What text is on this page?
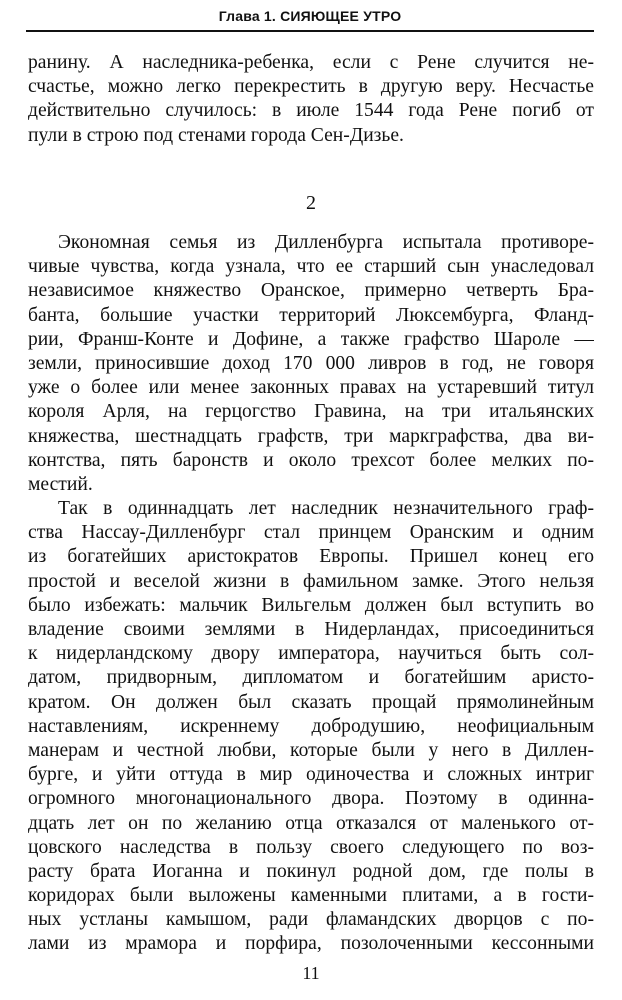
Глава 1. СИЯЮЩЕЕ УТРО
ранину. А наследника-ребенка, если с Рене случится не-
счастье, можно легко перекрестить в другую веру. Несчастье
действительно случилось: в июле 1544 года Рене погиб от
пули в строю под стенами города Сен-Дизье.
2
Экономная семья из Дилленбурга испытала противоре-
чивые чувства, когда узнала, что ее старший сын унаследовал
независимое княжество Оранское, примерно четверть Бра-
банта, большие участки территорий Люксембурга, Фланд-
рии, Франш-Конте и Дофине, а также графство Шароле —
земли, приносившие доход 170 000 ливров в год, не говоря
уже о более или менее законных правах на устаревший титул
короля Арля, на герцогство Гравина, на три итальянских
княжества, шестнадцать графств, три маркграфства, два ви-
контства, пять баронств и около трехсот более мелких по-
местий.
Так в одиннадцать лет наследник незначительного граф-
ства Нассау-Дилленбург стал принцем Оранским и одним
из богатейших аристократов Европы. Пришел конец его
простой и веселой жизни в фамильном замке. Этого нельзя
было избежать: мальчик Вильгельм должен был вступить во
владение своими землями в Нидерландах, присоединиться
к нидерландскому двору императора, научиться быть сол-
датом, придворным, дипломатом и богатейшим аристо-
кратом. Он должен был сказать прощай прямолинейным
наставлениям, искреннему добродушию, неофициальным
манерам и честной любви, которые были у него в Диллен-
бурге, и уйти оттуда в мир одиночества и сложных интриг
огромного многонационального двора. Поэтому в одинна-
дцать лет он по желанию отца отказался от маленького от-
цовского наследства в пользу своего следующего по воз-
расту брата Иоганна и покинул родной дом, где полы в
коридорах были выложены каменными плитами, а в гости-
ных устланы камышом, ради фламандских дворцов с по-
лами из мрамора и порфира, позолоченными кессонными
11
